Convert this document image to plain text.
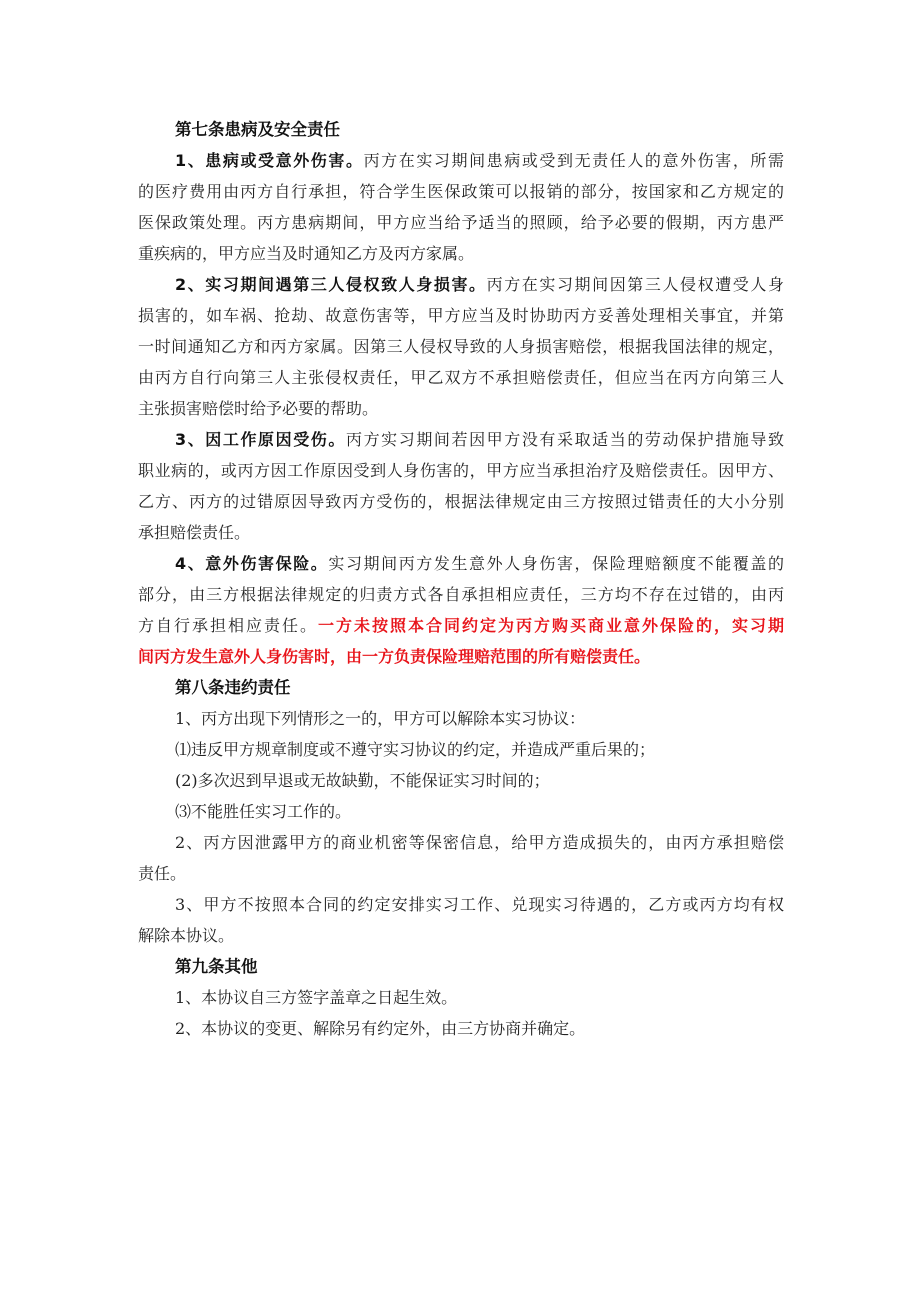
第七条患病及安全责任
1、患病或受意外伤害。丙方在实习期间患病或受到无责任人的意外伤害，所需
的医疗费用由丙方自行承担，符合学生医保政策可以报销的部分，按国家和乙方规定的
医保政策处理。丙方患病期间，甲方应当给予适当的照顾，给予必要的假期，丙方患严
重疾病的，甲方应当及时通知乙方及丙方家属。
2、实习期间遇第三人侵权致人身损害。丙方在实习期间因第三人侵权遭受人身
损害的，如车祸、抢劫、故意伤害等，甲方应当及时协助丙方妥善处理相关事宜，并第
一时间通知乙方和丙方家属。因第三人侵权导致的人身损害赔偿，根据我国法律的规定，
由丙方自行向第三人主张侵权责任，甲乙双方不承担赔偿责任，但应当在丙方向第三人
主张损害赔偿时给予必要的帮助。
3、因工作原因受伤。丙方实习期间若因甲方没有采取适当的劳动保护措施导致
职业病的，或丙方因工作原因受到人身伤害的，甲方应当承担治疗及赔偿责任。因甲方、
乙方、丙方的过错原因导致丙方受伤的，根据法律规定由三方按照过错责任的大小分别
承担赔偿责任。
4、意外伤害保险。实习期间丙方发生意外人身伤害，保险理赔额度不能覆盖的
部分，由三方根据法律规定的归责方式各自承担相应责任，三方均不存在过错的，由丙
方自行承担相应责任。一方未按照本合同约定为丙方购买商业意外保险的，实习期
间丙方发生意外人身伤害时，由一方负责保险理赔范围的所有赔偿责任。
第八条违约责任
1、丙方出现下列情形之一的，甲方可以解除本实习协议：
⑴违反甲方规章制度或不遵守实习协议的约定，并造成严重后果的；
(2)多次迟到早退或无故缺勤，不能保证实习时间的；
⑶不能胜任实习工作的。
2、丙方因泄露甲方的商业机密等保密信息，给甲方造成损失的，由丙方承担赔偿
责任。
3、甲方不按照本合同的约定安排实习工作、兑现实习待遇的，乙方或丙方均有权
解除本协议。
第九条其他
1、本协议自三方签字盖章之日起生效。
2、本协议的变更、解除另有约定外，由三方协商并确定。
